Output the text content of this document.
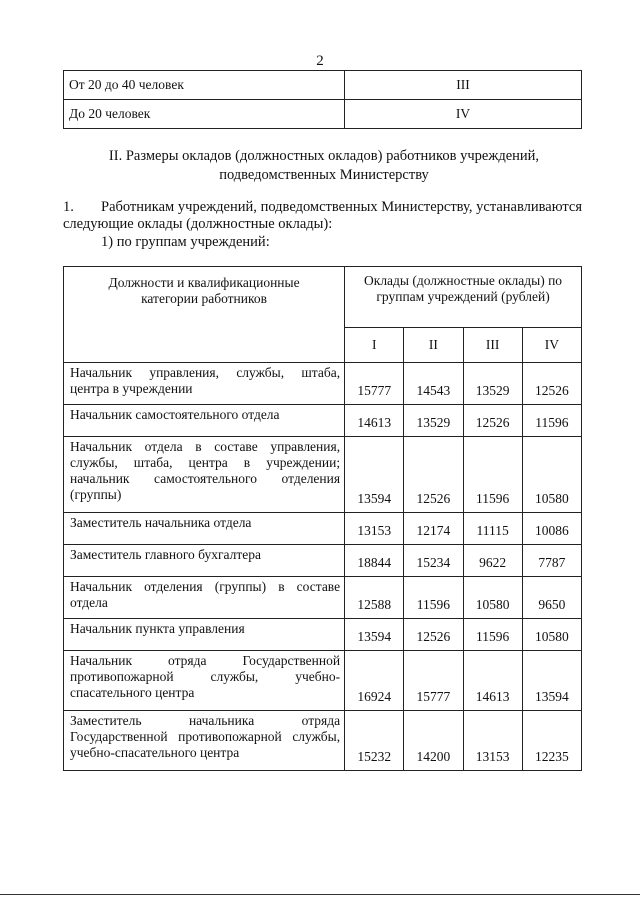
2
От 20 до 40 человек	III
До 20 человек	IV
II. Размеры окладов (должностных окладов) работников учреждений,
подведомственных Министерству
1. Работникам учреждений, подведомственных Министерству, устанавливаются следующие оклады (должностные оклады):
1) по группам учреждений:
Должности и квалификационные категории работников	Оклады (должностные оклады) по группам учреждений (рублей)			
	I	II	III	IV
Начальник управления, службы, штаба, центра в учреждении	15777	14543	13529	12526
Начальник самостоятельного отдела	14613	13529	12526	11596
Начальник отдела в составе управления, службы, штаба, центра в учреждении; начальник самостоятельного отделения (группы)	13594	12526	11596	10580
Заместитель начальника отдела	13153	12174	11115	10086
Заместитель главного бухгалтера	18844	15234	9622	7787
Начальник отделения (группы) в составе отдела	12588	11596	10580	9650
Начальник пункта управления	13594	12526	11596	10580
Начальник отряда Государственной противопожарной службы, учебно-спасательного центра	16924	15777	14613	13594
Заместитель начальника отряда Государственной противопожарной службы, учебно-спасательного центра	15232	14200	13153	12235
